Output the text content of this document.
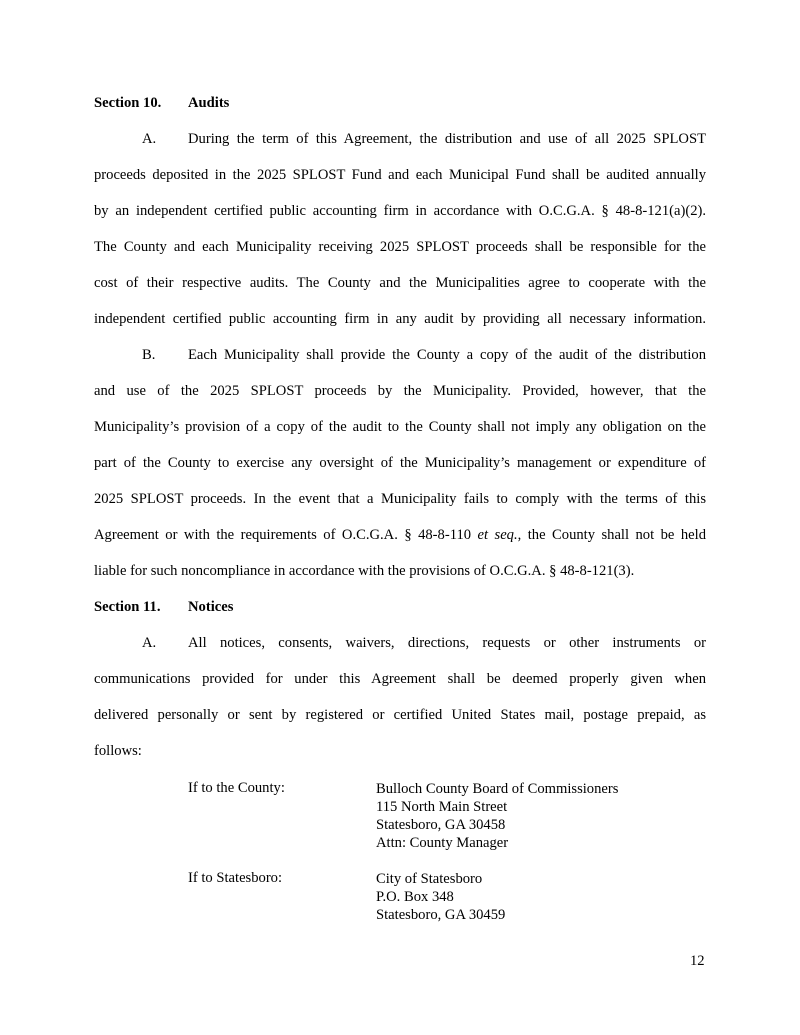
Section 10. Audits
A. During the term of this Agreement, the distribution and use of all 2025 SPLOST
proceeds deposited in the 2025 SPLOST Fund and each Municipal Fund shall be audited annually
by an independent certified public accounting firm in accordance with O.C.G.A. § 48-8-121(a)(2).
The County and each Municipality receiving 2025 SPLOST proceeds shall be responsible for the
cost of their respective audits. The County and the Municipalities agree to cooperate with the
independent certified public accounting firm in any audit by providing all necessary information.
B. Each Municipality shall provide the County a copy of the audit of the distribution
and use of the 2025 SPLOST proceeds by the Municipality. Provided, however, that the
Municipality’s provision of a copy of the audit to the County shall not imply any obligation on the
part of the County to exercise any oversight of the Municipality’s management or expenditure of
2025 SPLOST proceeds. In the event that a Municipality fails to comply with the terms of this
Agreement or with the requirements of O.C.G.A. § 48-8-110 et seq., the County shall not be held
liable for such noncompliance in accordance with the provisions of O.C.G.A. § 48-8-121(3).
Section 11. Notices
A. All notices, consents, waivers, directions, requests or other instruments or
communications provided for under this Agreement shall be deemed properly given when
delivered personally or sent by registered or certified United States mail, postage prepaid, as
follows:
If to the County:	Bulloch County Board of Commissioners
115 North Main Street
Statesboro, GA 30458
Attn: County Manager
If to Statesboro:	City of Statesboro
P.O. Box 348
Statesboro, GA 30459
12
